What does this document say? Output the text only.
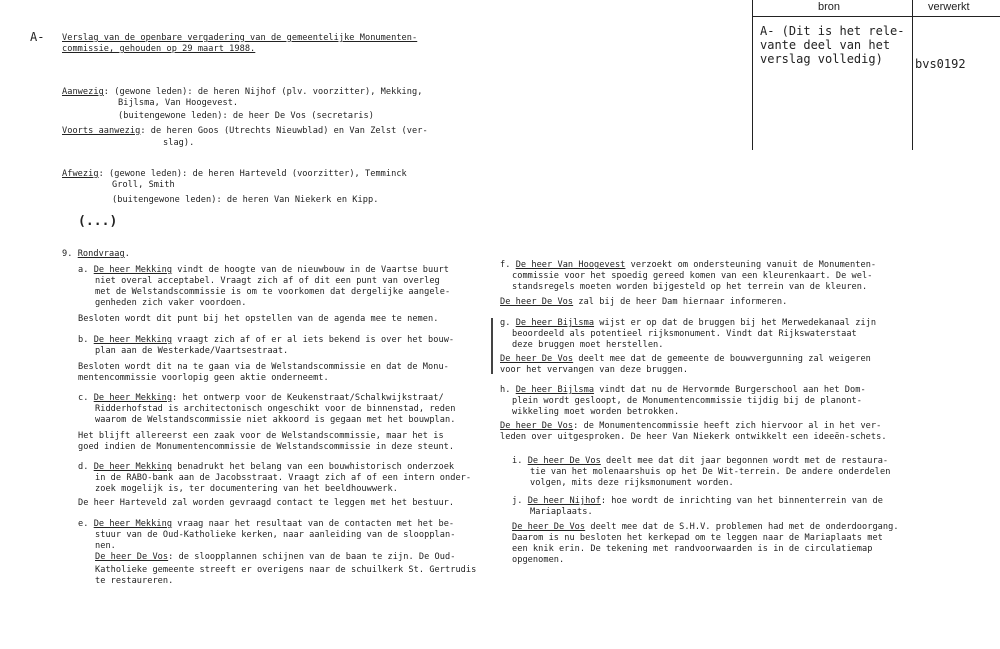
bron	verwerkt
A- (Dit is het rele-
vante deel van het
verslag volledig)	bvs0192
A- Verslag van de openbare vergadering van de gemeentelijke Monumenten-
commissie, gehouden op 29 maart 1988.
Aanwezig: (gewone leden): de heren Nijhof (plv. voorzitter), Mekking,
Bijlsma, Van Hoogevest.
(buitengewone leden): de heer De Vos (secretaris)
Voorts aanwezig: de heren Goos (Utrechts Nieuwblad) en Van Zelst (ver-
slag).
Afwezig: (gewone leden): de heren Harteveld (voorzitter), Temminck
Groll, Smith
(buitengewone leden): de heren Van Niekerk en Kipp.
(...)
9. Rondvraag.
a. De heer Mekking vindt de hoogte van de nieuwbouw in de Vaartse buurt
niet overal acceptabel. Vraagt zich af of dit een punt van overleg
met de Welstandscommissie is om te voorkomen dat dergelijke aangele-
genheden zich vaker voordoen.
Besloten wordt dit punt bij het opstellen van de agenda mee te nemen.
b. De heer Mekking vraagt zich af of er al iets bekend is over het bouw-
plan aan de Westerkade/Vaartsestraat.
Besloten wordt dit na te gaan via de Welstandscommissie en dat de Monu-
mentencommissie voorlopig geen aktie onderneemt.
c. De heer Mekking: het ontwerp voor de Keukenstraat/Schalkwijkstraat/
Ridderhofstad is architectonisch ongeschikt voor de binnenstad, reden
waarom de Welstandscommissie niet akkoord is gegaan met het bouwplan.
Het blijft allereerst een zaak voor de Welstandscommissie, maar het is
goed indien de Monumentencommissie de Welstandscommissie in deze steunt.
d. De heer Mekking benadrukt het belang van een bouwhistorisch onderzoek
in de RABO-bank aan de Jacobsstraat. Vraagt zich af of een intern onder-
zoek mogelijk is, ter documentering van het beeldhouwwerk.
De heer Harteveld zal worden gevraagd contact te leggen met het bestuur.
e. De heer Mekking vraag naar het resultaat van de contacten met het be-
stuur van de Oud-Katholieke kerken, naar aanleiding van de sloopplan-
nen.
De heer De Vos: de sloopplannen schijnen van de baan te zijn. De Oud-
Katholieke gemeente streeft er overigens naar de schuilkerk St. Gertrudis
te restaureren.
f. De heer Van Hoogevest verzoekt om ondersteuning vanuit de Monumenten-
commissie voor het spoedig gereed komen van een kleurenkaart. De wel-
standsregels moeten worden bijgesteld op het terrein van de kleuren.
De heer De Vos zal bij de heer Dam hiernaar informeren.
g. De heer Bijlsma wijst er op dat de bruggen bij het Merwedekanaal zijn
beoordeeld als potentieel rijksmonument. Vindt dat Rijkswaterstaat
deze bruggen moet herstellen.
De heer De Vos deelt mee dat de gemeente de bouwvergunning zal weigeren
voor het vervangen van deze bruggen.
h. De heer Bijlsma vindt dat nu de Hervormde Burgerschool aan het Dom-
plein wordt gesloopt, de Monumentencommissie tijdig bij de planont-
wikkeling moet worden betrokken.
De heer De Vos: de Monumentencommissie heeft zich hiervoor al in het ver-
leden over uitgesproken. De heer Van Niekerk ontwikkelt een ideeën-schets.
i. De heer De Vos deelt mee dat dit jaar begonnen wordt met de restaura-
tie van het molenaarshuis op het De Wit-terrein. De andere onderdelen
volgen, mits deze rijksmonument worden.
j. De heer Nijhof: hoe wordt de inrichting van het binnenterrein van de
Mariaplaats.
De heer De Vos deelt mee dat de S.H.V. problemen had met de onderdoorgang.
Daarom is nu besloten het kerkepad om te leggen naar de Mariaplaats met
een knik erin. De tekening met randvoorwaarden is in de circulatiemap
opgenomen.
